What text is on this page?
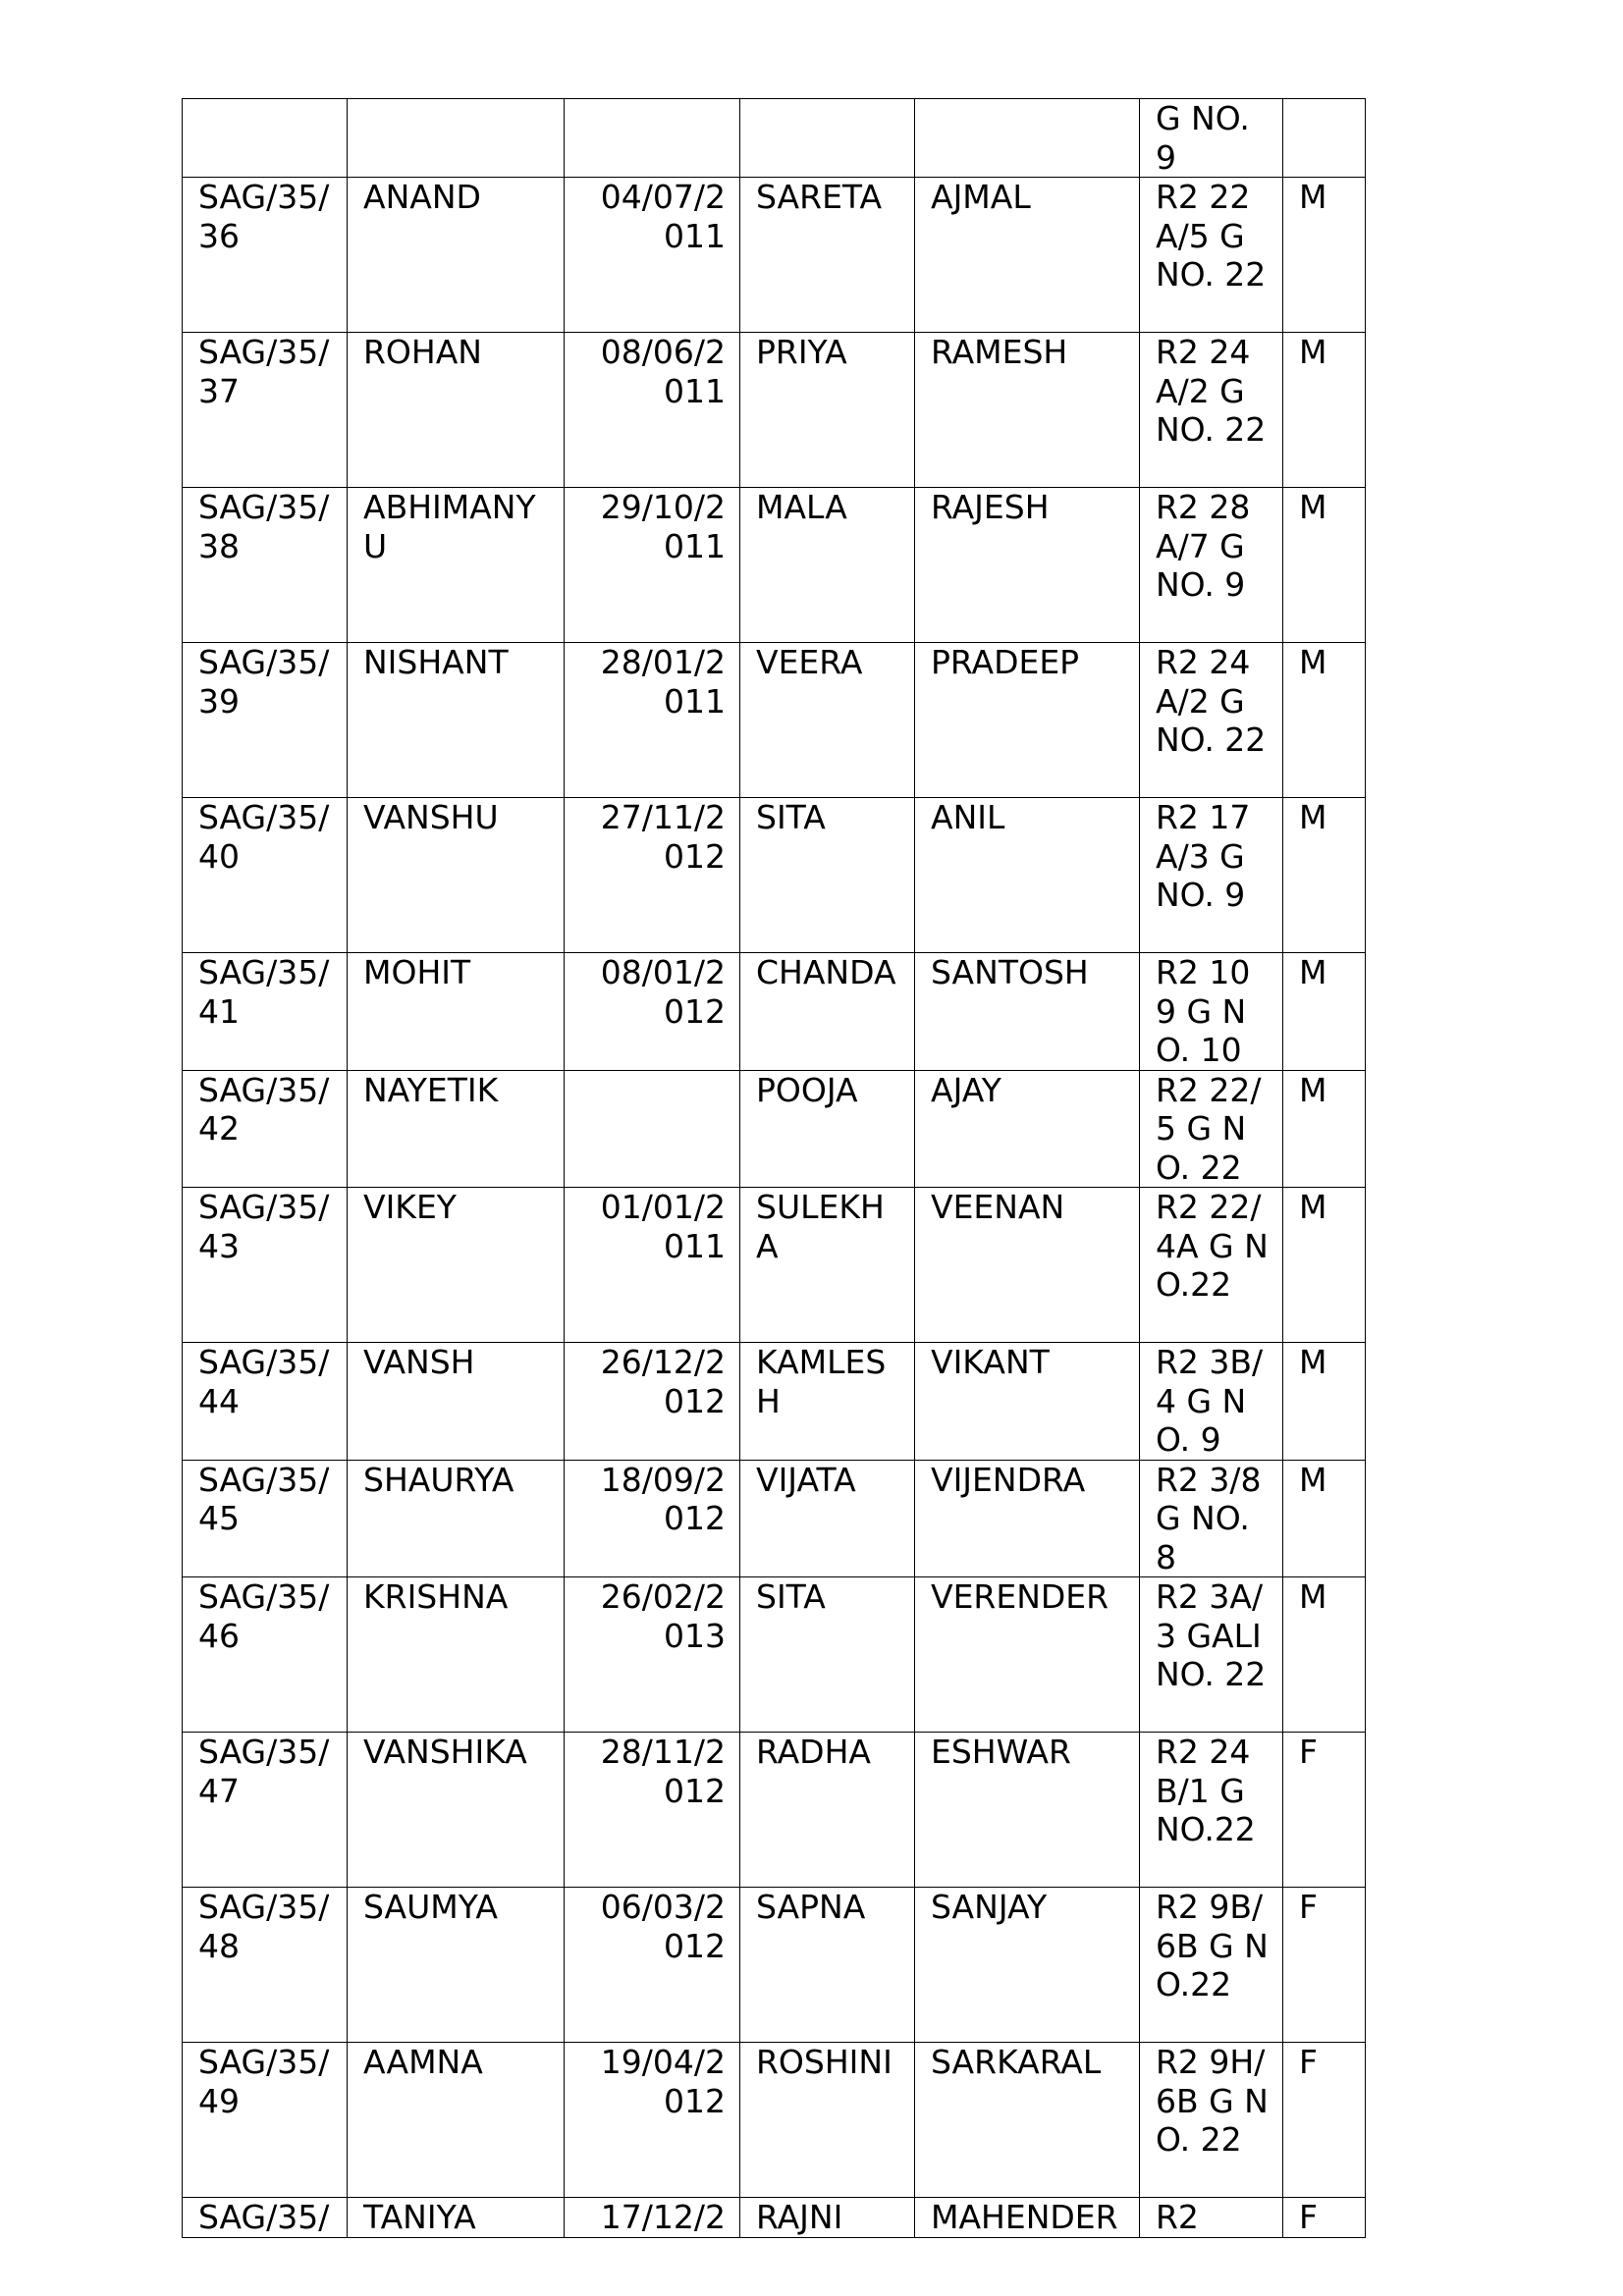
					G NO. 9	

SAG/35/36	ANAND	04/07/2011	SARETA	AJMAL	R2 22A/5 G NO. 22	M

SAG/35/37	ROHAN	08/06/2011	PRIYA	RAMESH	R2 24A/2 G NO. 22	M

SAG/35/38	ABHIMANYU	29/10/2011	MALA	RAJESH	R2 28A/7 G NO. 9	M

SAG/35/39	NISHANT	28/01/2011	VEERA	PRADEEP	R2 24A/2 G NO. 22	M

SAG/35/40	VANSHU	27/11/2012	SITA	ANIL	R2 17A/3 G NO. 9	M

SAG/35/41	MOHIT	08/01/2012	CHANDA	SANTOSH	R2 109 G NO. 10	M

SAG/35/42	NAYETIK		POOJA	AJAY	R2 22/5 G NO. 22	M

SAG/35/43	VIKEY	01/01/2011	SULEKHA	VEENAN	R2 22/4A G NO.22	M

SAG/35/44	VANSH	26/12/2012	KAMLESH	VIKANT	R2 3B/4 G NO. 9	M

SAG/35/45	SHAURYA	18/09/2012	VIJATA	VIJENDRA	R2 3/8 G NO. 8	M

SAG/35/46	KRISHNA	26/02/2013	SITA	VERENDER	R2 3A/3 GALI NO. 22	M

SAG/35/47	VANSHIKA	28/11/2012	RADHA	ESHWAR	R2 24B/1 G NO.22	F

SAG/35/48	SAUMYA	06/03/2012	SAPNA	SANJAY	R2 9B/6B G NO.22	F

SAG/35/49	AAMNA	19/04/2012	ROSHINI	SARKARAL	R2 9H/6B G NO. 22	F

SAG/35/	TANIYA	17/12/2	RAJNI	MAHENDER	R2	F
